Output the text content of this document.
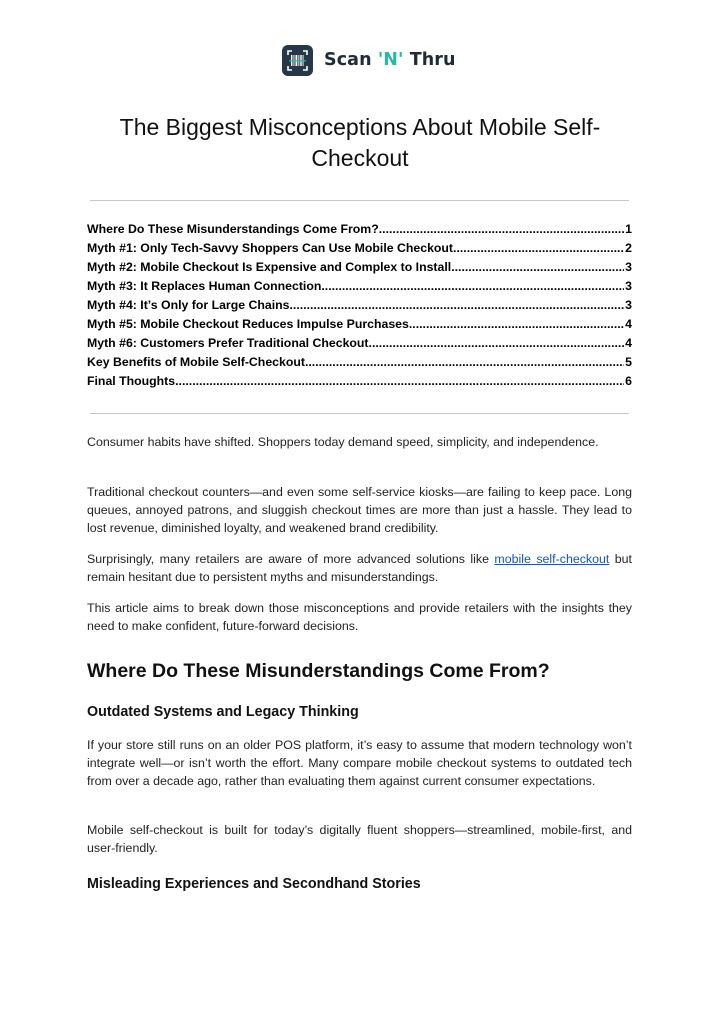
Scan 'N' Thru
The Biggest Misconceptions About Mobile Self-Checkout
Where Do These Misunderstandings Come From? .....	1
Myth #1: Only Tech-Savvy Shoppers Can Use Mobile Checkout .....	2
Myth #2: Mobile Checkout Is Expensive and Complex to Install .....	3
Myth #3: It Replaces Human Connection .....	3
Myth #4: It’s Only for Large Chains .....	3
Myth #5: Mobile Checkout Reduces Impulse Purchases .....	4
Myth #6: Customers Prefer Traditional Checkout .....	4
Key Benefits of Mobile Self-Checkout .....	5
Final Thoughts .....	6

Consumer habits have shifted. Shoppers today demand speed, simplicity, and independence.

Traditional checkout counters—and even some self-service kiosks—are failing to keep pace. Long queues, annoyed patrons, and sluggish checkout times are more than just a hassle. They lead to lost revenue, diminished loyalty, and weakened brand credibility.

Surprisingly, many retailers are aware of more advanced solutions like mobile self-checkout but remain hesitant due to persistent myths and misunderstandings.

This article aims to break down those misconceptions and provide retailers with the insights they need to make confident, future-forward decisions.

Where Do These Misunderstandings Come From?
Outdated Systems and Legacy Thinking

If your store still runs on an older POS platform, it’s easy to assume that modern technology won’t integrate well—or isn’t worth the effort. Many compare mobile checkout systems to outdated tech from over a decade ago, rather than evaluating them against current consumer expectations.

Mobile self-checkout is built for today’s digitally fluent shoppers—streamlined, mobile-first, and user-friendly.

Misleading Experiences and Secondhand Stories
